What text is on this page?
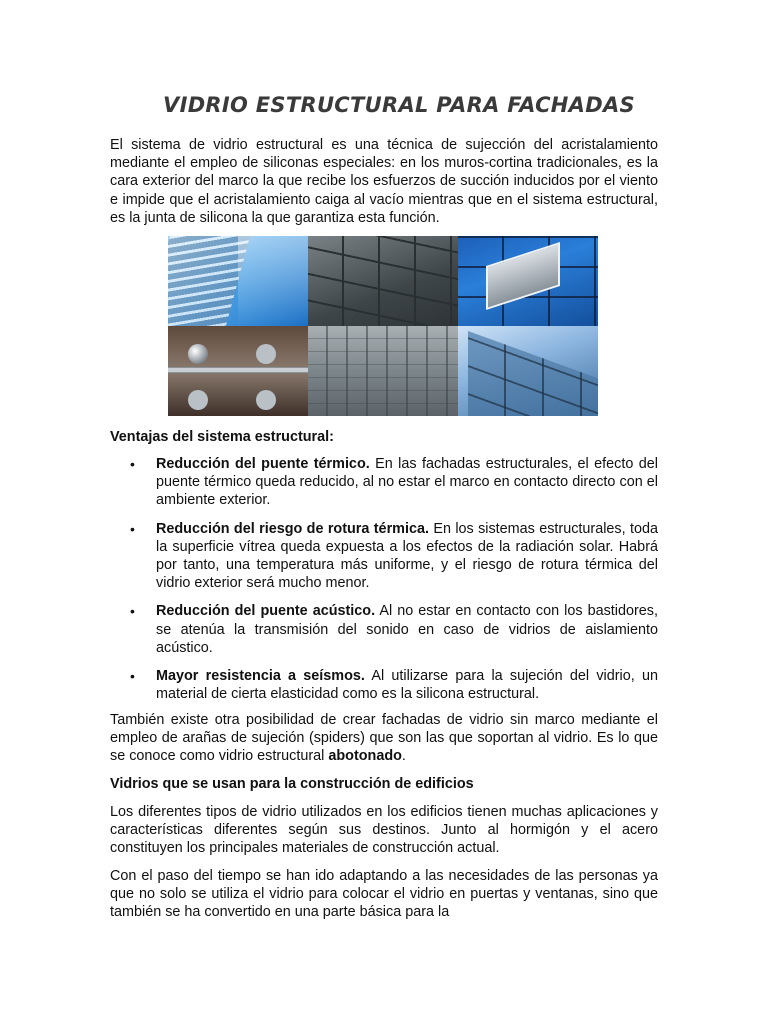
VIDRIO ESTRUCTURAL PARA FACHADAS

El sistema de vidrio estructural es una técnica de sujección del acristalamiento mediante el empleo de siliconas especiales: en los muros-cortina tradicionales, es la cara exterior del marco la que recibe los esfuerzos de succión inducidos por el viento e impide que el acristalamiento caiga al vacío mientras que en el sistema estructural, es la junta de silicona la que garantiza esta función.

Ventajas del sistema estructural:

• Reducción del puente térmico. En las fachadas estructurales, el efecto del puente térmico queda reducido, al no estar el marco en contacto directo con el ambiente exterior.
• Reducción del riesgo de rotura térmica. En los sistemas estructurales, toda la superficie vítrea queda expuesta a los efectos de la radiación solar. Habrá por tanto, una temperatura más uniforme, y el riesgo de rotura térmica del vidrio exterior será mucho menor.
• Reducción del puente acústico. Al no estar en contacto con los bastidores, se atenúa la transmisión del sonido en caso de vidrios de aislamiento acústico.
• Mayor resistencia a seísmos. Al utilizarse para la sujeción del vidrio, un material de cierta elasticidad como es la silicona estructural.

También existe otra posibilidad de crear fachadas de vidrio sin marco mediante el empleo de arañas de sujeción (spiders) que son las que soportan al vidrio. Es lo que se conoce como vidrio estructural abotonado.

Vidrios que se usan para la construcción de edificios

Los diferentes tipos de vidrio utilizados en los edificios tienen muchas aplicaciones y características diferentes según sus destinos. Junto al hormigón y el acero constituyen los principales materiales de construcción actual.

Con el paso del tiempo se han ido adaptando a las necesidades de las personas ya que no solo se utiliza el vidrio para colocar el vidrio en puertas y ventanas, sino que también se ha convertido en una parte básica para la
